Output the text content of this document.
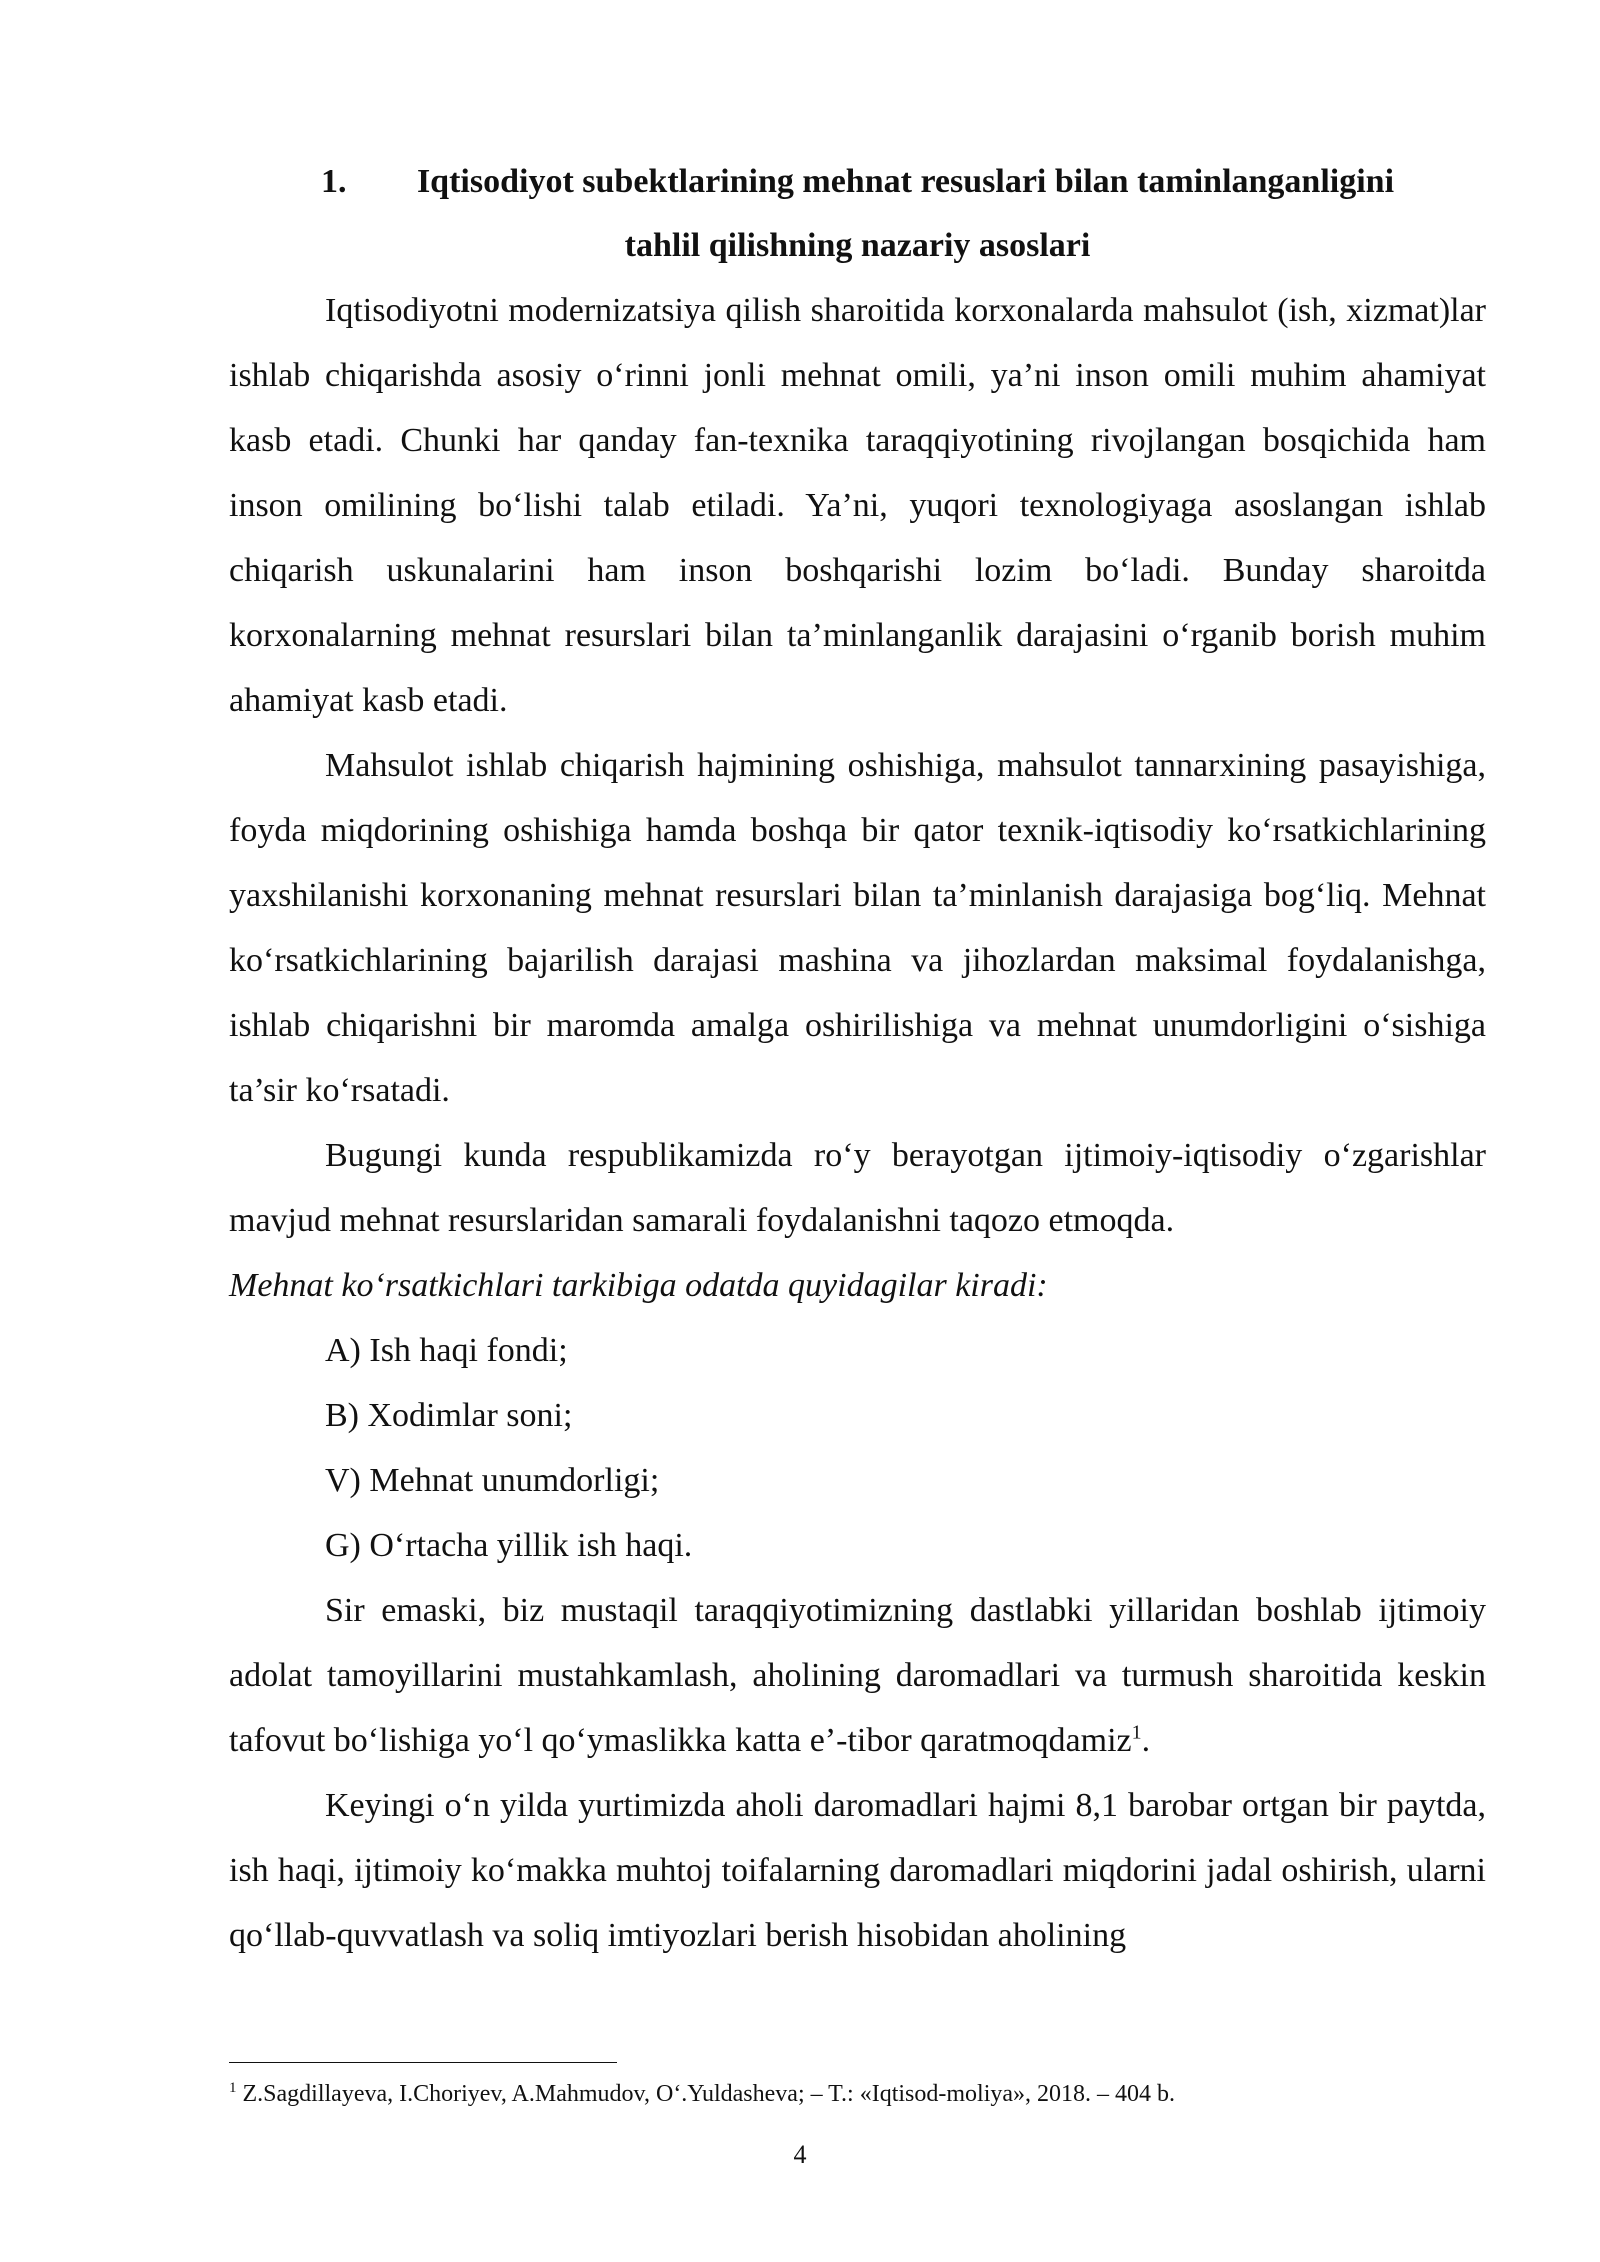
1. Iqtisodiyot subektlarining mehnat resuslari bilan taminlanganligini

tahlil qilishning nazariy asoslari

Iqtisodiyotni modernizatsiya qilish sharoitida korxonalarda mahsulot (ish, xizmat)lar ishlab chiqarishda asosiy o‘rinni jonli mehnat omili, ya’ni inson omili muhim ahamiyat kasb etadi. Chunki har qanday fan-texnika taraqqiyotining rivojlangan bosqichida ham inson omilining bo‘lishi talab etiladi. Ya’ni, yuqori texnologiyaga asoslangan ishlab chiqarish uskunalarini ham inson boshqarishi lozim bo‘ladi. Bunday sharoitda korxonalarning mehnat resurslari bilan ta’minlanganlik darajasini o‘rganib borish muhim ahamiyat kasb etadi.

Mahsulot ishlab chiqarish hajmining oshishiga, mahsulot tannarxining pasayishiga, foyda miqdorining oshishiga hamda boshqa bir qator texnik-iqtisodiy ko‘rsatkichlarining yaxshilanishi korxonaning mehnat resurslari bilan ta’minlanish darajasiga bog‘liq. Mehnat ko‘rsatkichlarining bajarilish darajasi mashina va jihozlardan maksimal foydalanishga, ishlab chiqarishni bir maromda amalga oshirilishiga va mehnat unumdorligini o‘sishiga ta’sir ko‘rsatadi.

Bugungi kunda respublikamizda ro‘y berayotgan ijtimoiy-iqtisodiy o‘zgarishlar mavjud mehnat resurslaridan samarali foydalanishni taqozo etmoqda.

Mehnat ko‘rsatkichlari tarkibiga odatda quyidagilar kiradi:

A) Ish haqi fondi;

B) Xodimlar soni;

V) Mehnat unumdorligi;

G) O‘rtacha yillik ish haqi.

Sir emaski, biz mustaqil taraqqiyotimizning dastlabki yillaridan boshlab ijtimoiy adolat tamoyillarini mustahkamlash, aholining daromadlari va turmush sharoitida keskin tafovut bo‘lishiga yo‘l qo‘ymaslikka katta e’-tibor qaratmoqdamiz$^1$.

Keyingi o‘n yilda yurtimizda aholi daromadlari hajmi 8,1 barobar ortgan bir paytda, ish haqi, ijtimoiy ko‘makka muhtoj toifalarning daromadlari miqdorini jadal oshirish, ularni qo‘llab-quvvatlash va soliq imtiyozlari berish hisobidan aholining

$^1$ Z.Sagdillayeva, I.Choriyev, A.Mahmudov, O‘.Yuldasheva; – T.: «Iqtisod-moliya», 2018. – 404 b.

4
